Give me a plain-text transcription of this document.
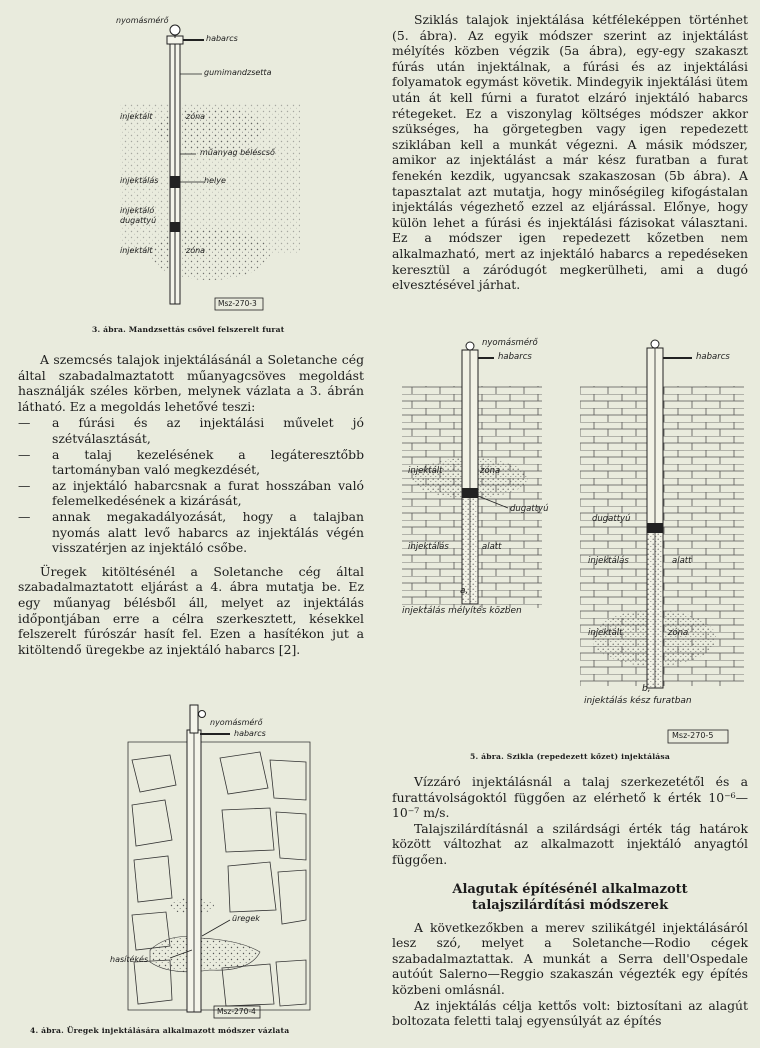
nyomásmérő
habarcs
gumimandzsetta
injektált	zóna
műanyag béléscső
injektálás	helye
injektáló
dugattyú
injektált	zóna
Msz-270-3
3. ábra. Mandzsettás csővel felszerelt furat

A szemcsés talajok injektálásánál a Soletanche cég által szabadalmaztatott műanyagcsöves megoldást használják széles körben, melynek vázlata a 3. ábrán látható. Ez a megoldás lehetővé teszi:

— a fúrási és az injektálási művelet jó szétválasztását,
— a talaj kezelésének a legáteresztőbb tartományban való megkezdését,
— az injektáló habarcsnak a furat hosszában való felemelkedésének a kizárását,
— annak megakadályozását, hogy a talajban nyomás alatt levő habarcs az injektálás végén visszatérjen az injektáló csőbe.

Üregek kitöltésénél a Soletanche cég által szabadalmaztatott eljárást a 4. ábra mutatja be. Ez egy műanyag bélésből áll, melyet az injektálás időpontjában erre a célra szerkesztett, késekkel felszerelt fúrószár hasít fel. Ezen a hasítékon jut a kitöltendő üregekbe az injektáló habarcs [2].

nyomásmérő
habarcs
üregek
hasítékés
Msz-270-4
4. ábra. Üregek injektálására alkalmazott módszer vázlata

Sziklás talajok injektálása kétféleképpen történhet (5. ábra). Az egyik módszer szerint az injektálást mélyítés közben végzik (5a ábra), egy-egy szakaszt fúrás után injektálnak, a fúrási és az injektálási folyamatok egymást követik. Mindegyik injektálási ütem után át kell fúrni a furatot elzáró injektáló habarcs rétegeket. Ez a viszonylag költséges módszer akkor szükséges, ha görgetegben vagy igen repedezett sziklában kell a munkát végezni. A másik módszer, amikor az injektálást a már kész furatban a furat fenekén kezdik, ugyancsak szakaszosan (5b ábra). A tapasztalat azt mutatja, hogy minőségileg kifogástalan injektálás végezhető ezzel az eljárással. Előnye, hogy külön lehet a fúrási és injektálási fázisokat választani. Ez a módszer igen repedezett kőzetben nem alkalmazható, mert az injektáló habarcs a repedéseken keresztül a záródugót megkerülheti, ami a dugó elvesztésével járhat.

nyomásmérő
habarcs	habarcs
injektált	zóna
dugattyú
injektálás	alatt
a,
injektálás mélyítés közben
dugattyú
injektálás	alatt
injektált	zóna
b,
injektálás kész furatban
Msz-270-5
5. ábra. Szikla (repedezett kőzet) injektálása

Vízzáró injektálásnál a talaj szerkezetétől és a furattávolságoktól függően az elérhető k érték 10⁻⁶—10⁻⁷ m/s.

Talajszilárdításnál a szilárdsági érték tág határok között változhat az alkalmazott injektáló anyagtól függően.

Alagutak építésénél alkalmazott

talajszilárdítási módszerek

A következőkben a merev szilikátgél injektálásáról lesz szó, melyet a Soletanche—Rodio cégek szabadalmaztattak. A munkát a Serra dell'Ospedale autóút Salerno—Reggio szakaszán végezték egy építés közbeni omlásnál.

Az injektálás célja kettős volt: biztosítani az alagút boltozata feletti talaj egyensúlyát az építés
